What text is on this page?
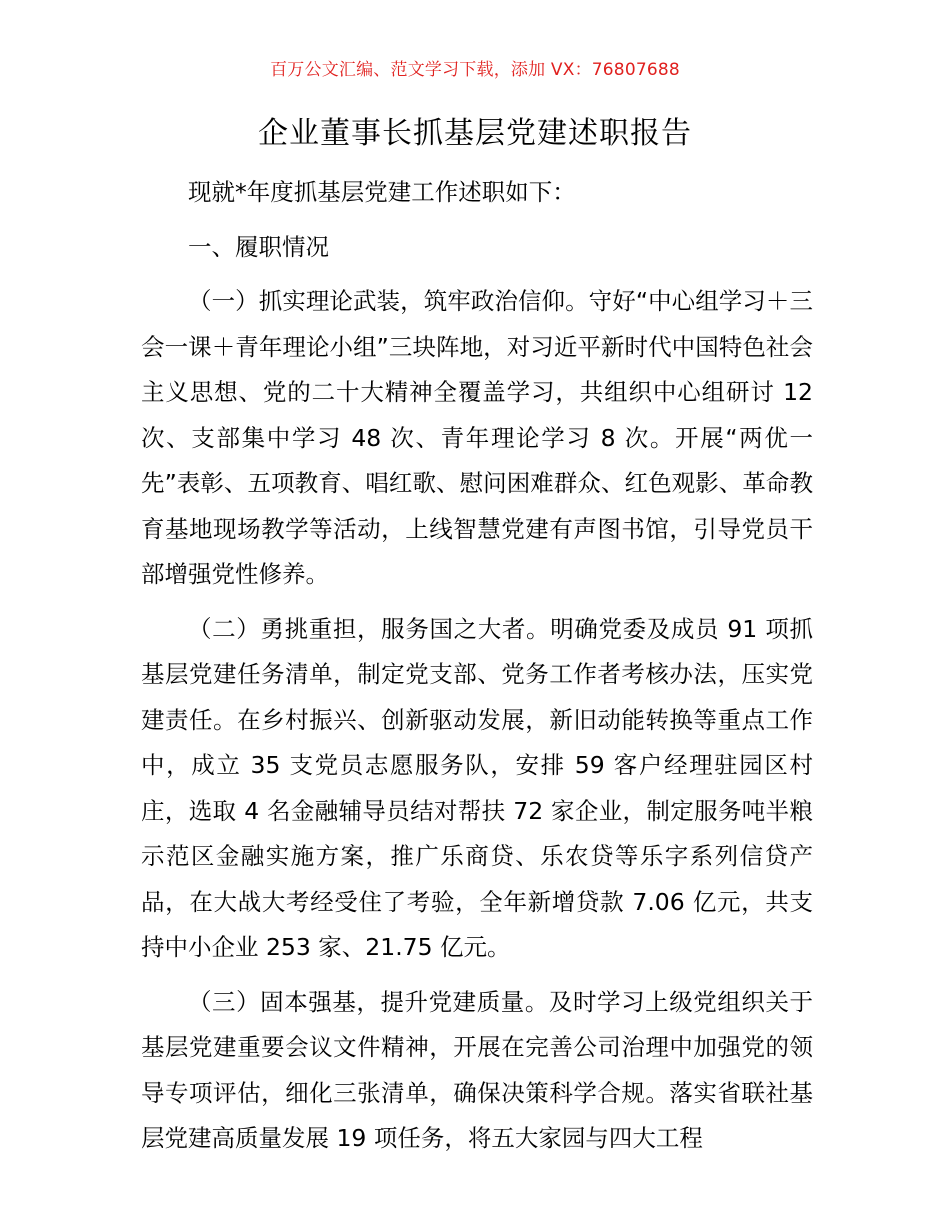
百万公文汇编、范文学习下载，添加 VX：76807688
企业董事长抓基层党建述职报告

现就*年度抓基层党建工作述职如下：

一、履职情况

（一）抓实理论武装，筑牢政治信仰。守好“中心组学习＋三会一课＋青年理论小组”三块阵地，对习近平新时代中国特色社会主义思想、党的二十大精神全覆盖学习，共组织中心组研讨 12 次、支部集中学习 48 次、青年理论学习 8 次。开展“两优一先”表彰、五项教育、唱红歌、慰问困难群众、红色观影、革命教育基地现场教学等活动，上线智慧党建有声图书馆，引导党员干部增强党性修养。

（二）勇挑重担，服务国之大者。明确党委及成员 91 项抓基层党建任务清单，制定党支部、党务工作者考核办法，压实党建责任。在乡村振兴、创新驱动发展，新旧动能转换等重点工作中，成立 35 支党员志愿服务队，安排 59 客户经理驻园区村庄，选取 4 名金融辅导员结对帮扶 72 家企业，制定服务吨半粮示范区金融实施方案，推广乐商贷、乐农贷等乐字系列信贷产品，在大战大考经受住了考验，全年新增贷款 7.06 亿元，共支持中小企业 253 家、21.75 亿元。

（三）固本强基，提升党建质量。及时学习上级党组织关于基层党建重要会议文件精神，开展在完善公司治理中加强党的领导专项评估，细化三张清单，确保决策科学合规。落实省联社基层党建高质量发展 19 项任务，将五大家园与四大工程
